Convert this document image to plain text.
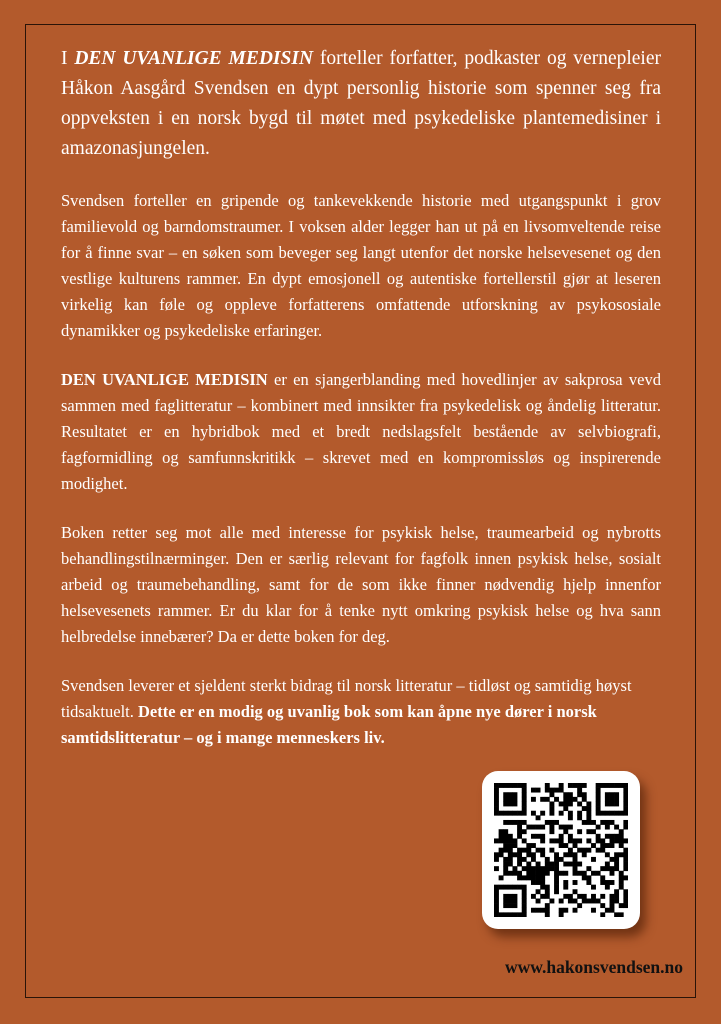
I DEN UVANLIGE MEDISIN forteller forfatter, podkaster og vernepleier Håkon Aasgård Svendsen en dypt personlig historie som spenner seg fra oppveksten i en norsk bygd til møtet med psykedeliske plantemedisiner i amazonasjungelen.

Svendsen forteller en gripende og tankevekkende historie med utgangspunkt i grov familievold og barndomstraumer. I voksen alder legger han ut på en livsomveltende reise for å finne svar – en søken som beveger seg langt utenfor det norske helsevesenet og den vestlige kulturens rammer. En dypt emosjonell og autentiske fortellerstil gjør at leseren virkelig kan føle og oppleve forfatterens omfattende utforskning av psykososiale dynamikker og psykedeliske erfaringer.

DEN UVANLIGE MEDISIN er en sjangerblanding med hovedlinjer av sakprosa vevd sammen med faglitteratur – kombinert med innsikter fra psykedelisk og åndelig litteratur. Resultatet er en hybridbok med et bredt nedslagsfelt bestående av selvbiografi, fagformidling og samfunnskritikk – skrevet med en kompromissløs og inspirerende modighet.

Boken retter seg mot alle med interesse for psykisk helse, traumearbeid og nybrotts behandlingstilnærminger. Den er særlig relevant for fagfolk innen psykisk helse, sosialt arbeid og traumebehandling, samt for de som ikke finner nødvendig hjelp innenfor helsevesenets rammer. Er du klar for å tenke nytt omkring psykisk helse og hva sann helbredelse innebærer? Da er dette boken for deg.

Svendsen leverer et sjeldent sterkt bidrag til norsk litteratur – tidløst og samtidig høyst tidsaktuelt. Dette er en modig og uvanlig bok som kan åpne nye dører i norsk samtidslitteratur – og i mange menneskers liv.

www.hakonsvendsen.no
